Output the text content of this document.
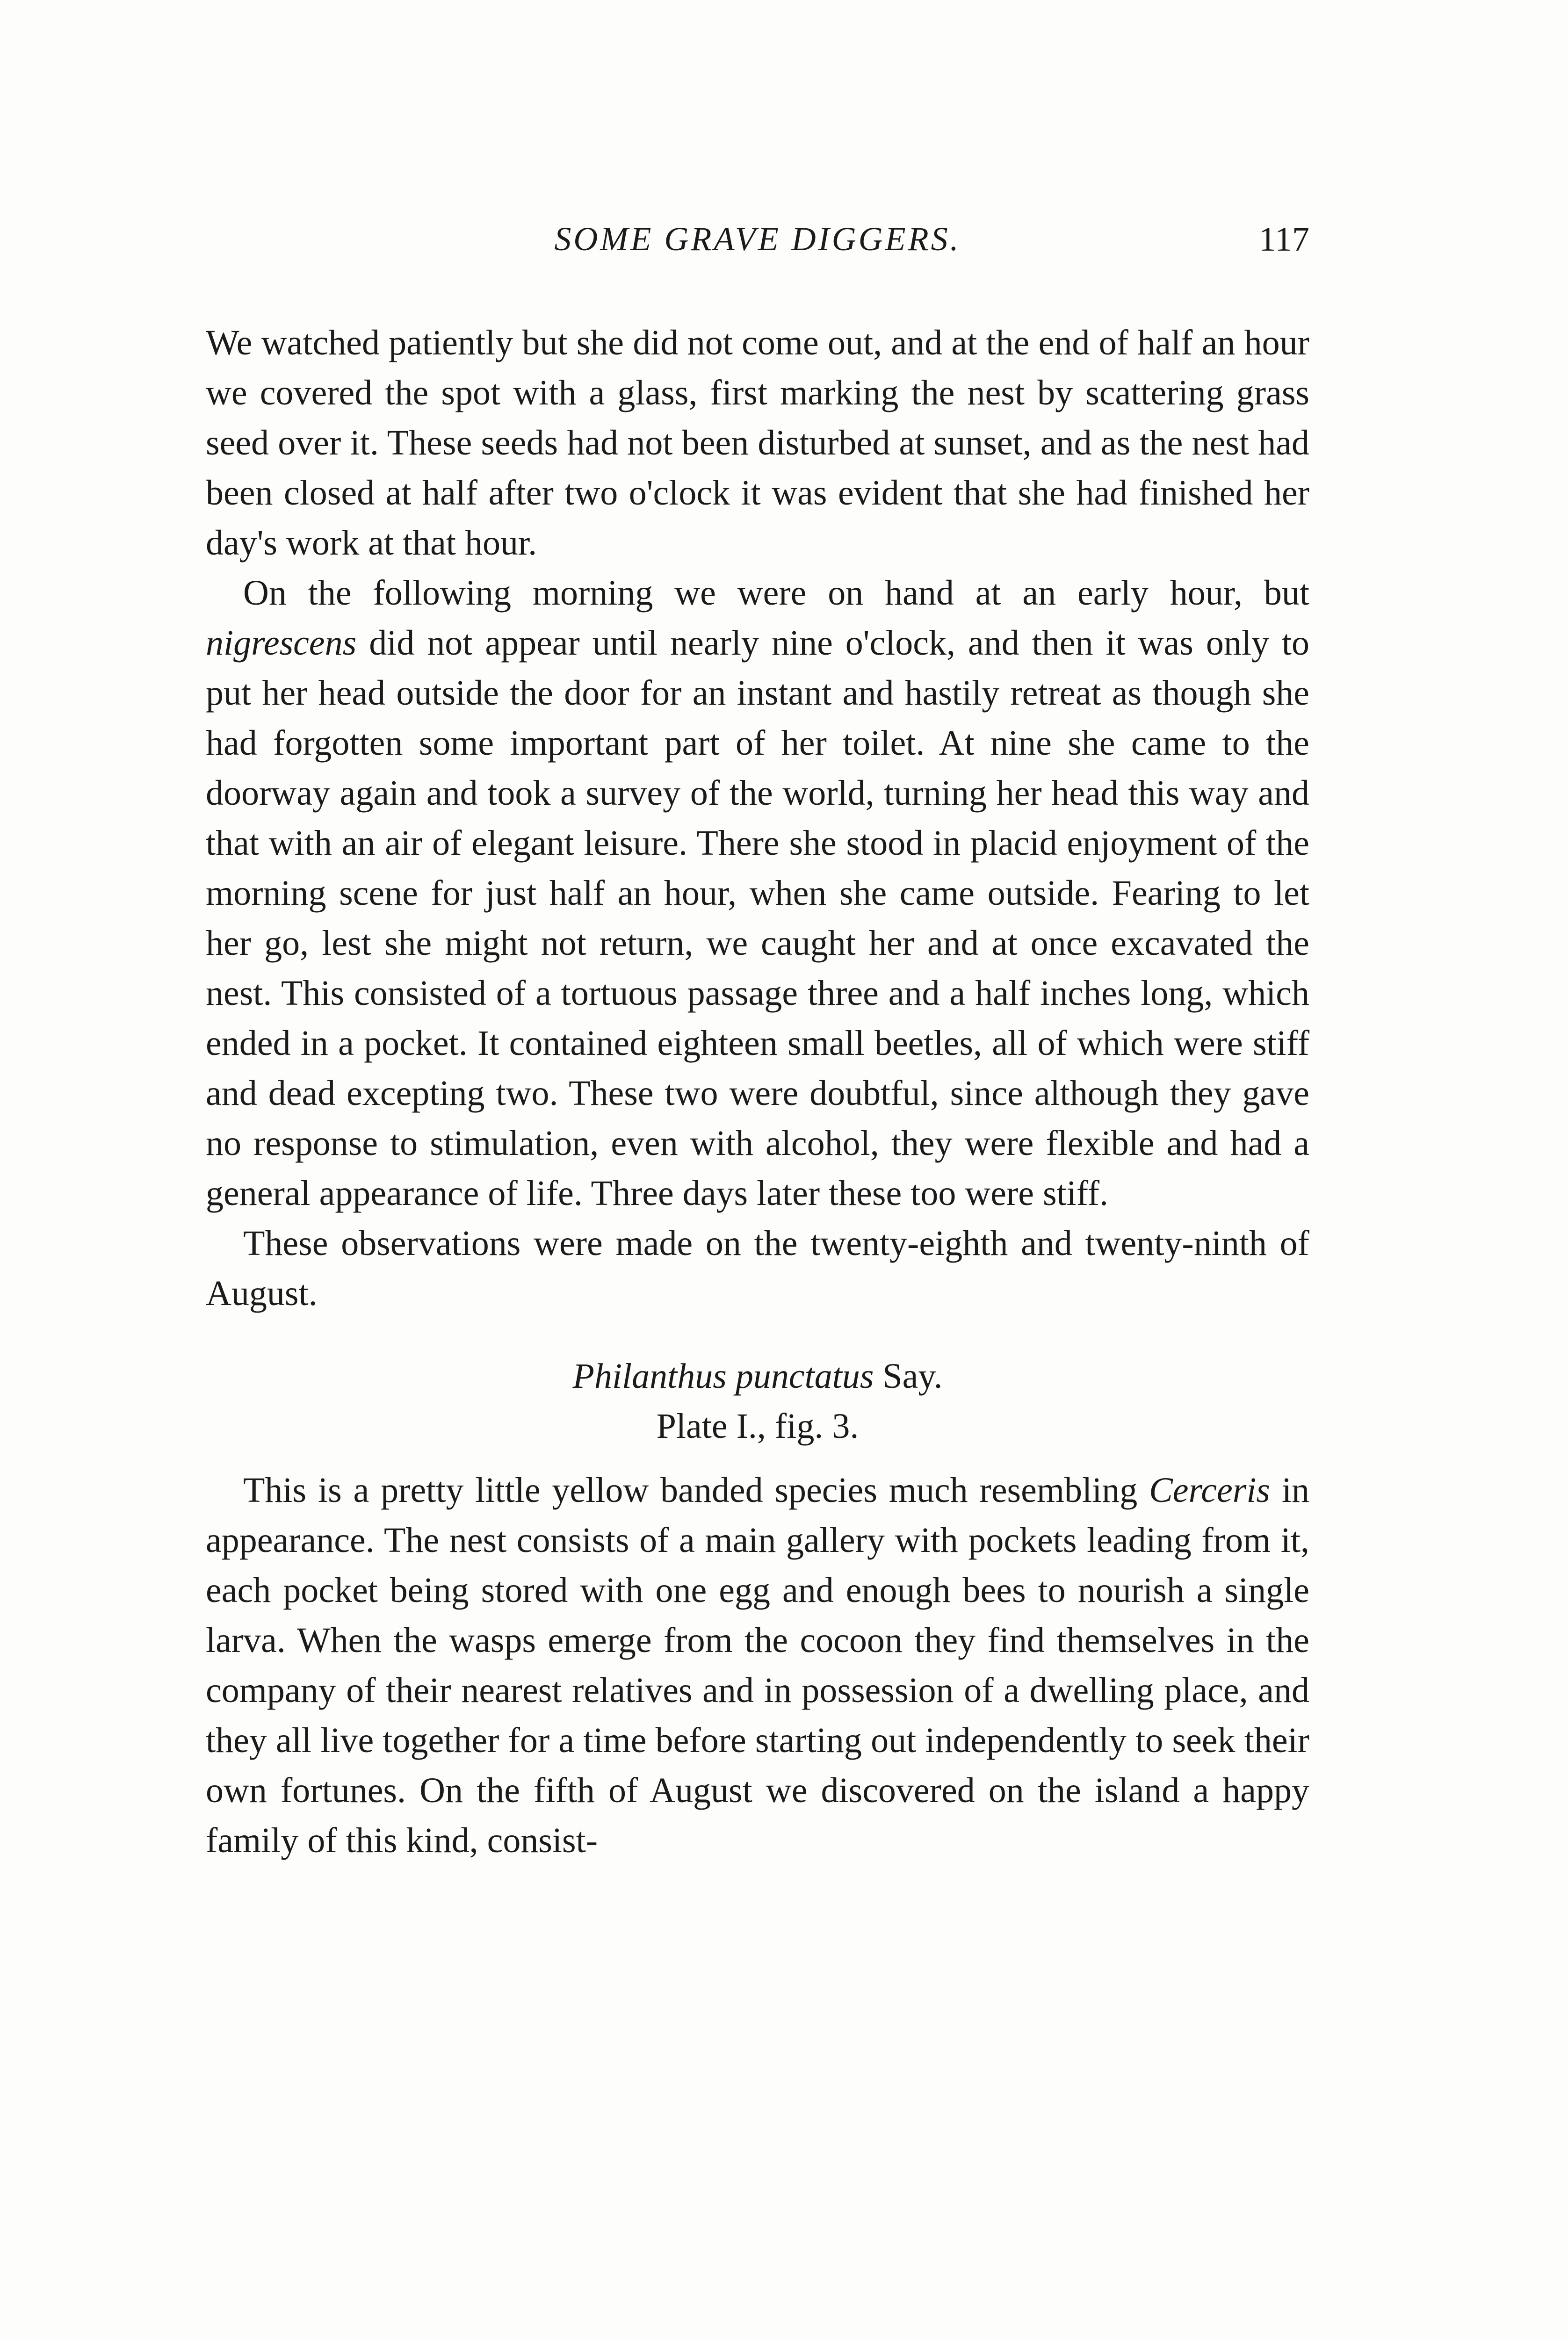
SOME GRAVE DIGGERS.	117

We watched patiently but she did not come out, and at the end of half an hour we covered the spot with a glass, first marking the nest by scattering grass seed over it. These seeds had not been disturbed at sunset, and as the nest had been closed at half after two o'clock it was evident that she had finished her day's work at that hour.

On the following morning we were on hand at an early hour, but nigrescens did not appear until nearly nine o'clock, and then it was only to put her head outside the door for an instant and hastily retreat as though she had forgotten some important part of her toilet. At nine she came to the doorway again and took a survey of the world, turning her head this way and that with an air of elegant leisure. There she stood in placid enjoyment of the morning scene for just half an hour, when she came outside. Fearing to let her go, lest she might not return, we caught her and at once excavated the nest. This consisted of a tortuous passage three and a half inches long, which ended in a pocket. It contained eighteen small beetles, all of which were stiff and dead excepting two. These two were doubtful, since although they gave no response to stimulation, even with alcohol, they were flexible and had a general appearance of life. Three days later these too were stiff.

These observations were made on the twenty-eighth and twenty-ninth of August.

Philanthus punctatus Say.
Plate I., fig. 3.

This is a pretty little yellow banded species much resembling Cerceris in appearance. The nest consists of a main gallery with pockets leading from it, each pocket being stored with one egg and enough bees to nourish a single larva. When the wasps emerge from the cocoon they find themselves in the company of their nearest relatives and in possession of a dwelling place, and they all live together for a time before starting out independently to seek their own fortunes. On the fifth of August we discovered on the island a happy family of this kind, consist-
